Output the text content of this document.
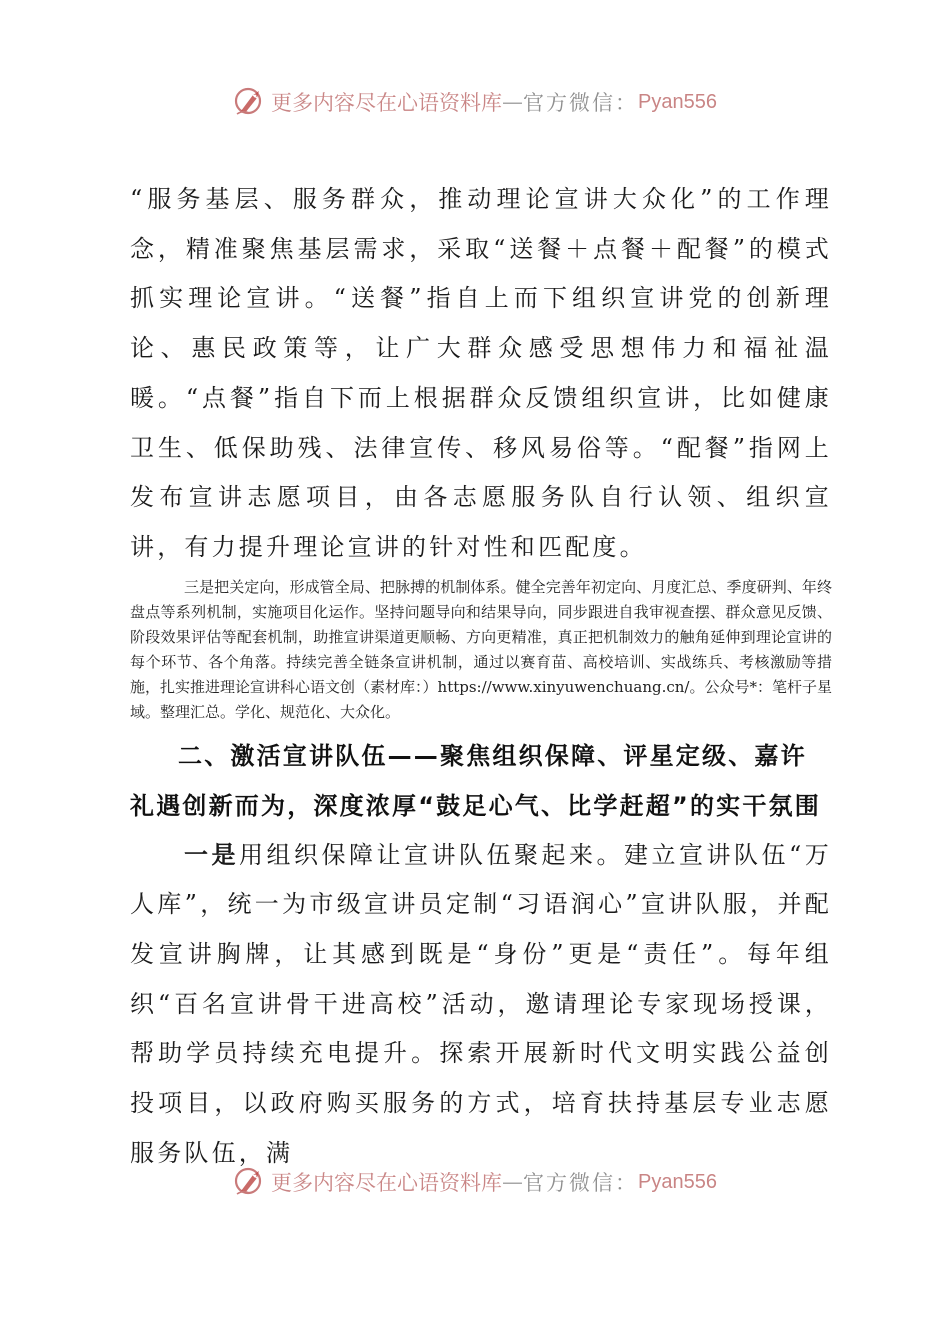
更多内容尽在心语资料库 — 官方微信： Pyan556

“服务基层、服务群众，推动理论宣讲大众化”的工作理念，精准聚焦基层需求，采取“送餐＋点餐＋配餐”的模式抓实理论宣讲。“送餐”指自上而下组织宣讲党的创新理论、惠民政策等，让广大群众感受思想伟力和福祉温暖。“点餐”指自下而上根据群众反馈组织宣讲，比如健康卫生、低保助残、法律宣传、移风易俗等。“配餐”指网上发布宣讲志愿项目，由各志愿服务队自行认领、组织宣讲，有力提升理论宣讲的针对性和匹配度。

三是把关定向，形成管全局、把脉搏的机制体系。健全完善年初定向、月度汇总、季度研判、年终盘点等系列机制，实施项目化运作。坚持问题导向和结果导向，同步跟进自我审视查摆、群众意见反馈、阶段效果评估等配套机制，助推宣讲渠道更顺畅、方向更精准，真正把机制效力的触角延伸到理论宣讲的每个环节、各个角落。持续完善全链条宣讲机制，通过以赛育苗、高校培训、实战练兵、考核激励等措施，扎实推进理论宣讲科心语文创（素材库：）https://www.xinyuwenchuang.cn/。公众号*：笔杆子星域。整理汇总。学化、规范化、大众化。

二、激活宣讲队伍——聚焦组织保障、评星定级、嘉许礼遇创新而为，深度浓厚“鼓足心气、比学赶超”的实干氛围

一是用组织保障让宣讲队伍聚起来。建立宣讲队伍“万人库”，统一为市级宣讲员定制“习语润心”宣讲队服，并配发宣讲胸牌，让其感到既是“身份”更是“责任”。每年组织“百名宣讲骨干进高校”活动，邀请理论专家现场授课，帮助学员持续充电提升。探索开展新时代文明实践公益创投项目，以政府购买服务的方式，培育扶持基层专业志愿服务队伍，满

更多内容尽在心语资料库 — 官方微信： Pyan556
